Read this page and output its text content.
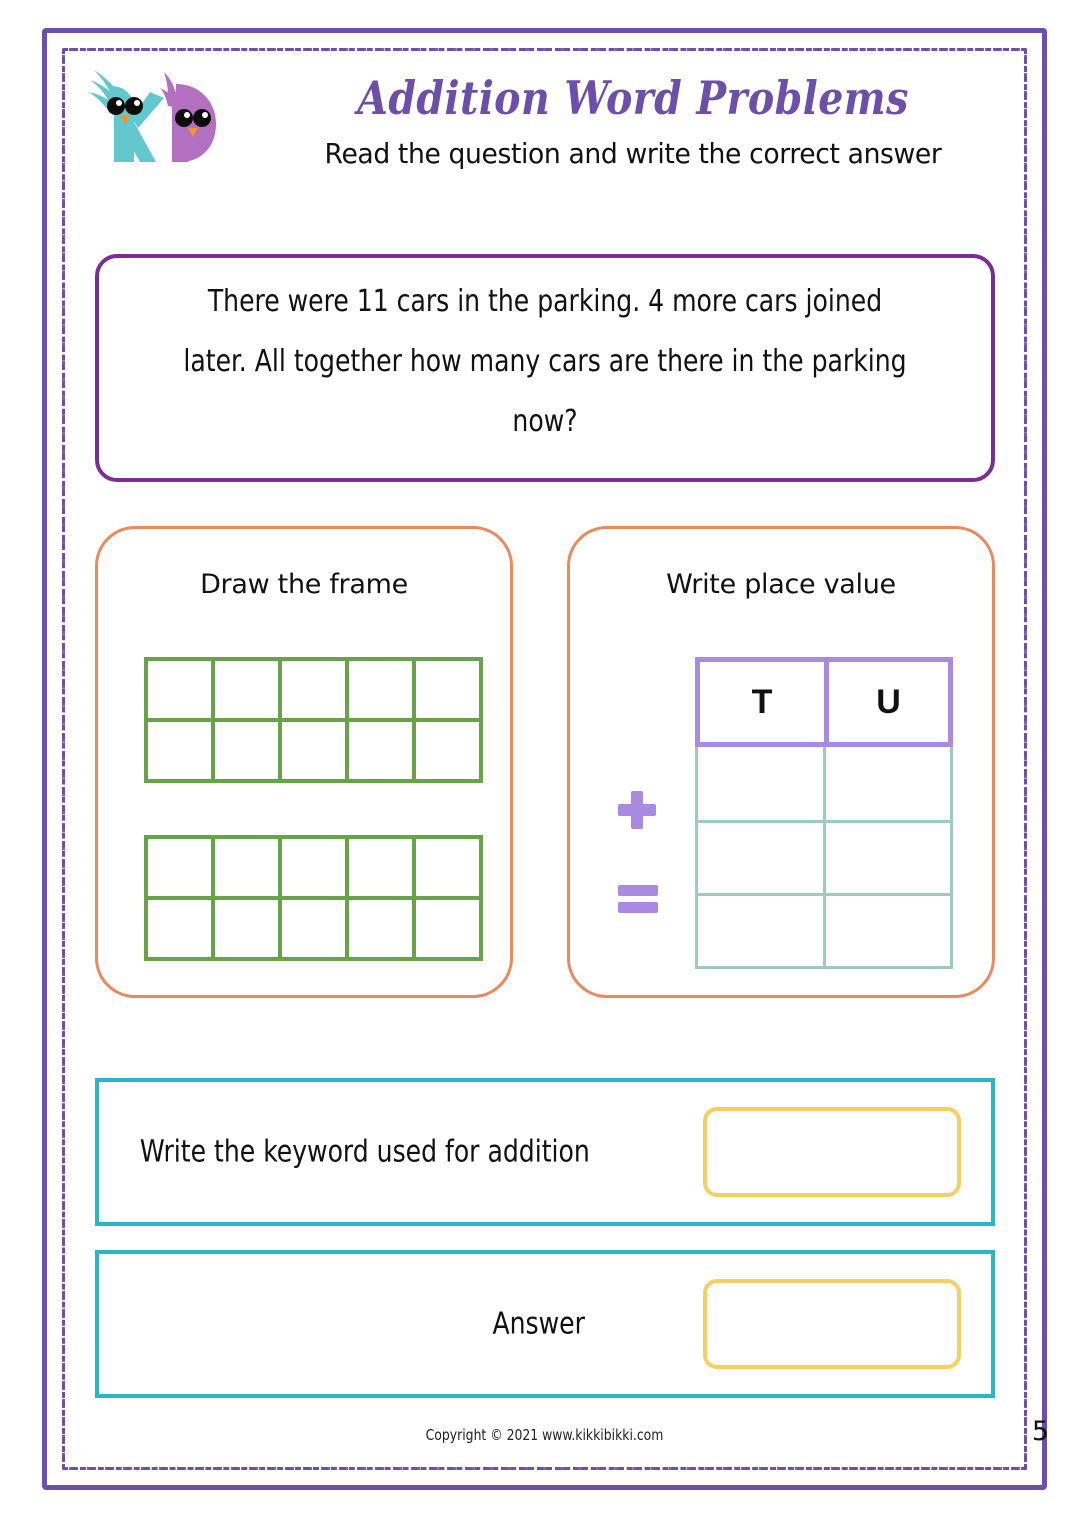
Addition Word Problems
Read the question and write the correct answer
There were 11 cars in the parking. 4 more cars joined later. All together how many cars are there in the parking now?
Draw the frame	Write place value
T	U
Write the keyword used for addition
Answer
Copyright © 2021 www.kikkibikki.com	5
